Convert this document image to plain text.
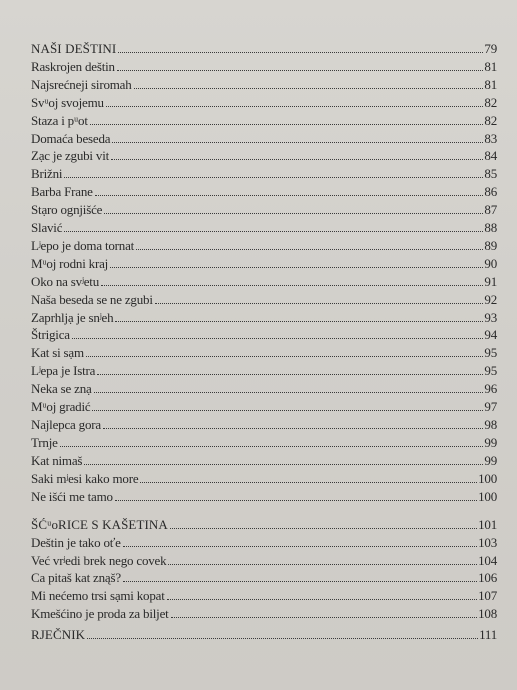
NAŠI DEŠTINI	79
Raskrojen deštin	81
Najsrećneji siromah	81
Svᵘoj svojemu	82
Staza i pᵘot	82
Domaća beseda	83
Zạc je zgubi vit	84
Brižni	85
Barba Frane	86
Stạro ognjišće	87
Slavić	88
Lʲepo je doma tornat	89
Mᵘoj rodni kraj	90
Oko na svʲetu	91
Naša beseda se ne zgubi	92
Zaprhljạ je snʲeh	93
Štrigica	94
Kat si sạm	95
Lʲepa je Istra	95
Neka se znạ	96
Mᵘoj gradić	97
Najlepca gora	98
Trnje	99
Kat nimaš	99
Saki mʲesi kako more	100
Ne išći me tamo	100
ŠĆᵘoRICE S KAŠETINA	101
Deštin je tako oťe	103
Već vrʲedi brek nego covek	104
Ca pitaš kat znąš?	106
Mi nećemo trsi sạmi kopat	107
Kmešćino je proda za biljet	108
RJEČNIK	111
